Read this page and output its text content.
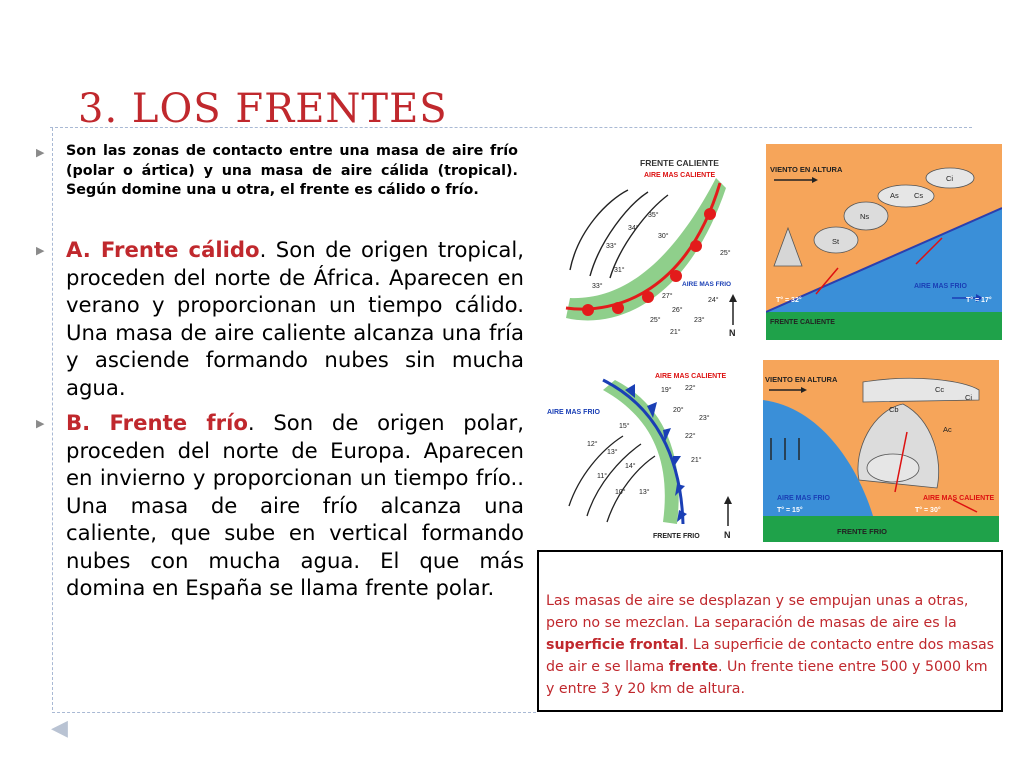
3. LOS FRENTES
◀
▶ Son las zonas de contacto entre una masa de aire frío (polar o ártica) y una masa de aire cálida (tropical). Según domine una u otra, el frente es cálido o frío.

▶ A. Frente cálido. Son de origen tropical, proceden del norte de África. Aparecen en verano y proporcionan un tiempo cálido. Una masa de aire caliente alcanza una fría y asciende formando nubes sin mucha agua.

▶ B. Frente frío. Son de origen polar, proceden del norte de Europa. Aparecen en invierno y proporcionan un tiempo frío.. Una masa de aire frío alcanza una caliente, que sube en vertical formando nubes con mucha agua. El que más domina en España se llama frente polar.

FRENTE CALIENTE
AIRE MAS CALIENTE
AIRE MAS FRIO
33°
34°
35°
33°
31°
30°
25°
27°
26°
24°
25°	23°
21°	N
VIENTO EN ALTURA
Ci
Cs
As
Ns
St
AIRE MAS FRIO
T° = 32°	T° = 17°
FRENTE CALIENTE
AIRE MAS CALIENTE
AIRE MAS FRIO
19° 22°
20°
15°
22°
12°
13°
23°
14°
11°
10°
21°
13°
FRENTE FRIO	N
VIENTO EN ALTURA
Cc
Ci
Cb
Ac
AIRE MAS FRIO	AIRE MAS CALIENTE
T° = 15°	T° = 30°
FRENTE FRIO

Las masas de aire se desplazan y se empujan unas a otras, pero no se mezclan. La separación de masas de aire es la superficie frontal. La superficie de contacto entre dos masas de air e se llama frente. Un frente tiene entre 500 y 5000 km y entre 3 y 20 km de altura.
